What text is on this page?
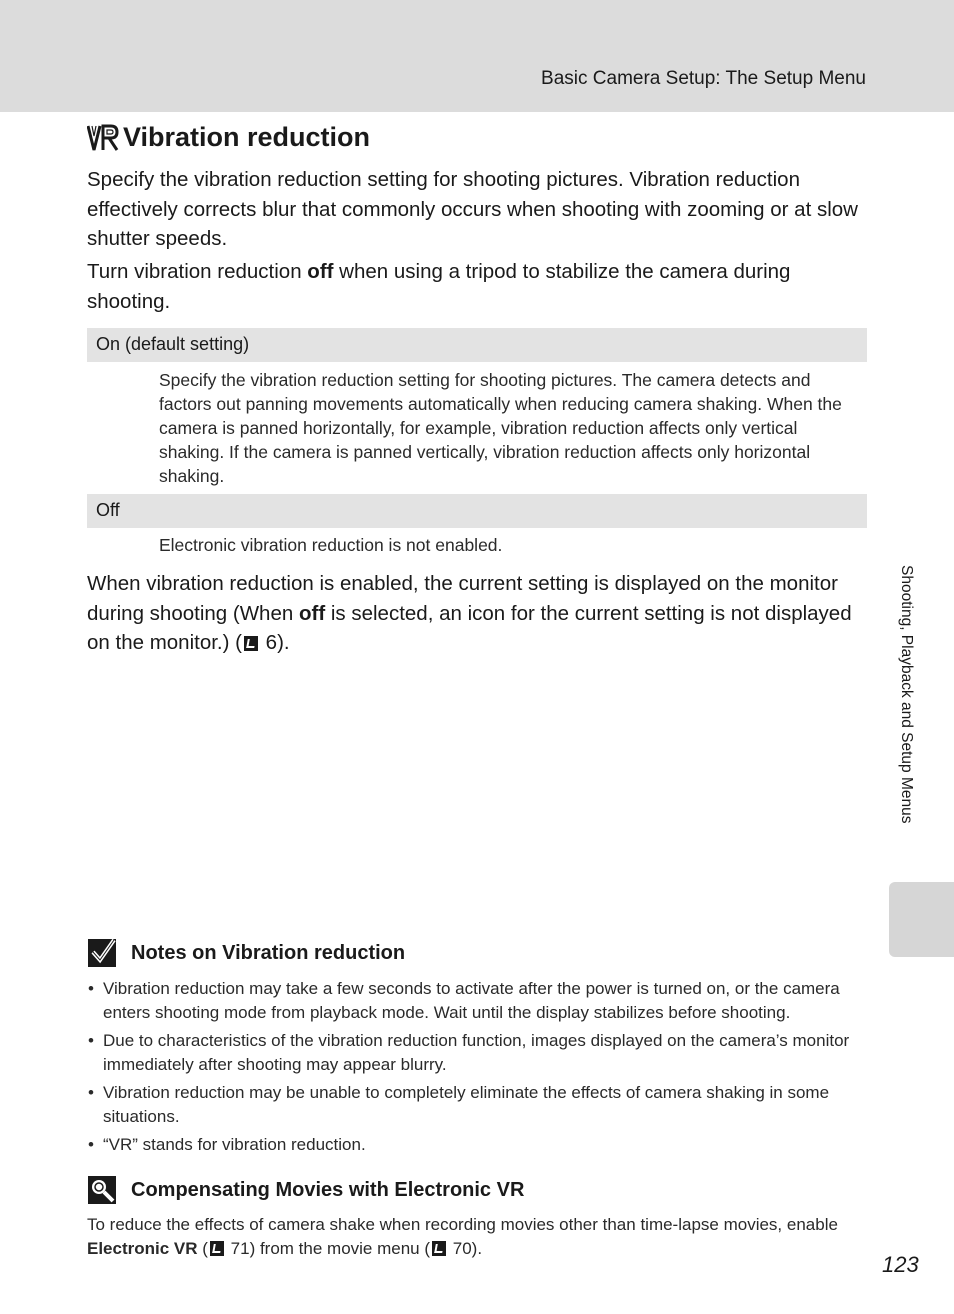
Basic Camera Setup: The Setup Menu
Vibration reduction

Specify the vibration reduction setting for shooting pictures. Vibration reduction effectively corrects blur that commonly occurs when shooting with zooming or at slow shutter speeds.

Turn vibration reduction off when using a tripod to stabilize the camera during shooting.

On (default setting)

Specify the vibration reduction setting for shooting pictures. The camera detects and factors out panning movements automatically when reducing camera shaking. When the camera is panned horizontally, for example, vibration reduction affects only vertical shaking. If the camera is panned vertically, vibration reduction affects only horizontal shaking.

Off

Electronic vibration reduction is not enabled.

When vibration reduction is enabled, the current setting is displayed on the monitor during shooting (When off is selected, an icon for the current setting is not displayed on the monitor.) ( 6).	Shooting, Playback and Setup Menus
Notes on Vibration reduction
• Vibration reduction may take a few seconds to activate after the power is turned on, or the camera enters shooting mode from playback mode. Wait until the display stabilizes before shooting.
• Due to characteristics of the vibration reduction function, images displayed on the camera’s monitor immediately after shooting may appear blurry.
• Vibration reduction may be unable to completely eliminate the effects of camera shaking in some situations.
• “VR” stands for vibration reduction.
Compensating Movies with Electronic VR

To reduce the effects of camera shake when recording movies other than time-lapse movies, enable Electronic VR ( 71) from the movie menu ( 70).

123
